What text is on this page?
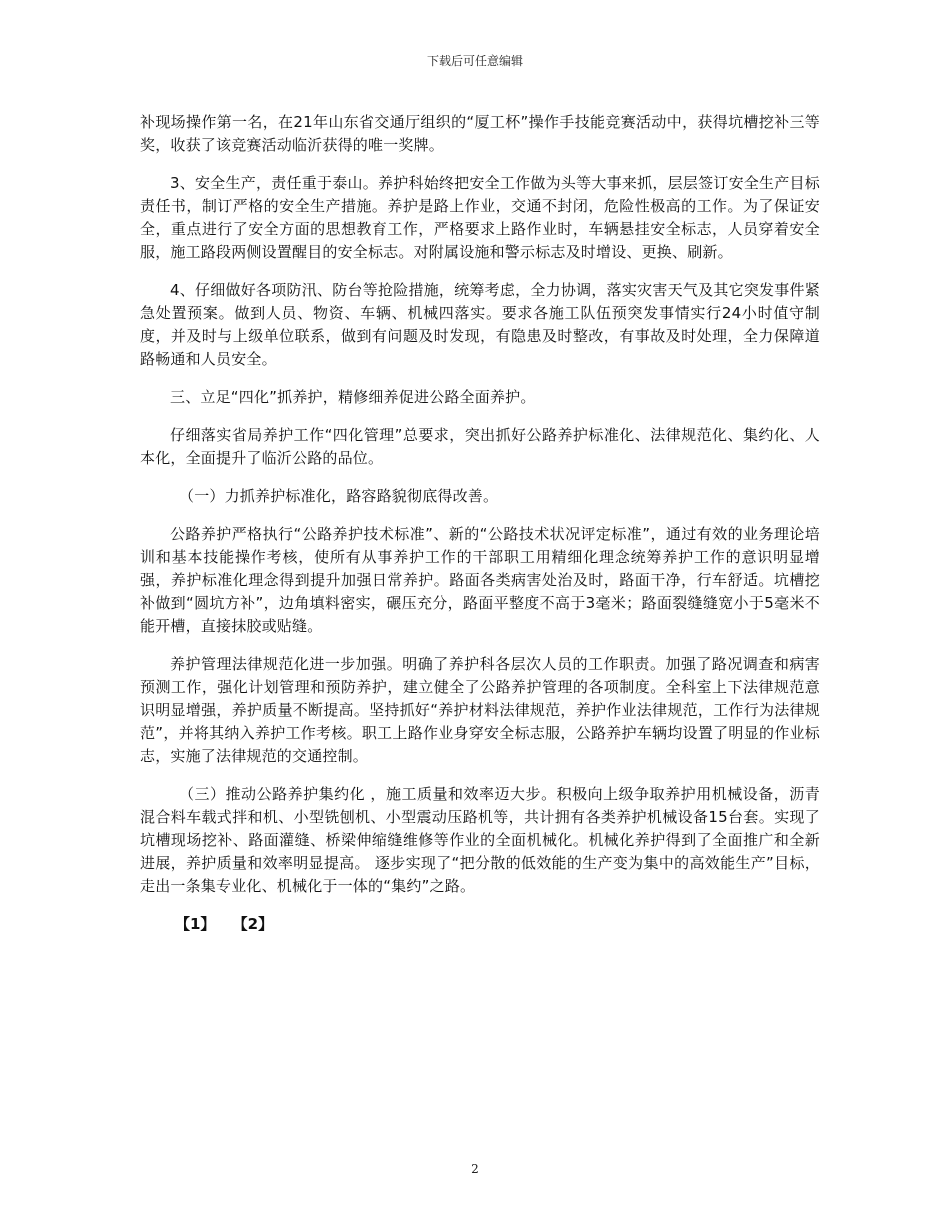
下载后可任意编辑

补现场操作第一名，在21年山东省交通厅组织的“厦工杯”操作手技能竞赛活动中，获得坑槽挖补三等奖，收获了该竞赛活动临沂获得的唯一奖牌。

3、安全生产，责任重于泰山。养护科始终把安全工作做为头等大事来抓，层层签订安全生产目标责任书，制订严格的安全生产措施。养护是路上作业，交通不封闭，危险性极高的工作。为了保证安全，重点进行了安全方面的思想教育工作，严格要求上路作业时，车辆悬挂安全标志，人员穿着安全服，施工路段两侧设置醒目的安全标志。对附属设施和警示标志及时增设、更换、刷新。

4、仔细做好各项防汛、防台等抢险措施，统筹考虑，全力协调，落实灾害天气及其它突发事件紧急处置预案。做到人员、物资、车辆、机械四落实。要求各施工队伍预突发事情实行24小时值守制度，并及时与上级单位联系，做到有问题及时发现，有隐患及时整改，有事故及时处理，全力保障道路畅通和人员安全。

三、立足“四化”抓养护，精修细养促进公路全面养护。

仔细落实省局养护工作“四化管理”总要求，突出抓好公路养护标准化、法律规范化、集约化、人本化，全面提升了临沂公路的品位。

（一）力抓养护标准化，路容路貌彻底得改善。

公路养护严格执行“公路养护技术标准”、新的“公路技术状况评定标准”，通过有效的业务理论培训和基本技能操作考核，使所有从事养护工作的干部职工用精细化理念统筹养护工作的意识明显增强，养护标准化理念得到提升加强日常养护。路面各类病害处治及时，路面干净，行车舒适。坑槽挖补做到“圆坑方补”，边角填料密实，碾压充分，路面平整度不高于3毫米；路面裂缝缝宽小于5毫米不能开槽，直接抹胶或贴缝。

养护管理法律规范化进一步加强。明确了养护科各层次人员的工作职责。加强了路况调查和病害预测工作，强化计划管理和预防养护，建立健全了公路养护管理的各项制度。全科室上下法律规范意识明显增强，养护质量不断提高。坚持抓好“养护材料法律规范，养护作业法律规范，工作行为法律规范”，并将其纳入养护工作考核。职工上路作业身穿安全标志服，公路养护车辆均设置了明显的作业标志，实施了法律规范的交通控制。

（三）推动公路养护集约化 ，施工质量和效率迈大步。积极向上级争取养护用机械设备，沥青混合料车载式拌和机、小型铣刨机、小型震动压路机等，共计拥有各类养护机械设备15台套。实现了坑槽现场挖补、路面灌缝、桥梁伸缩缝维修等作业的全面机械化。机械化养护得到了全面推广和全新进展，养护质量和效率明显提高。 逐步实现了“把分散的低效能的生产变为集中的高效能生产”目标，走出一条集专业化、机械化于一体的“集约”之路。

【1】 【2】
2
